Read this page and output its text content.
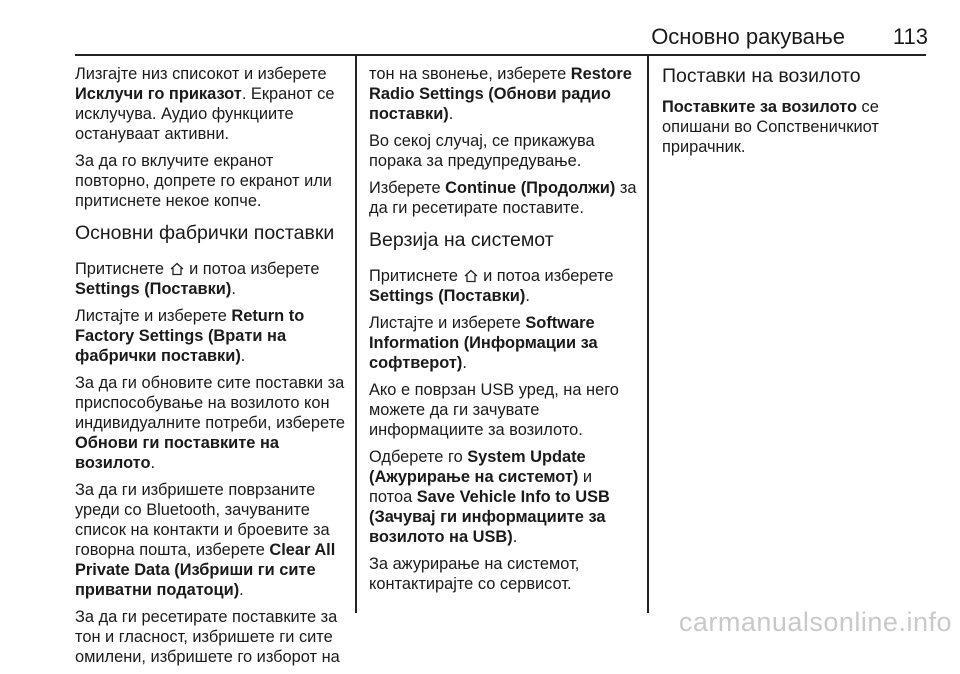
Основно ракување 113

Лизгајте низ списокот и изберете Исклучи го приказот. Екранот се исклучува. Аудио функциите остануваат активни.

За да го вклучите екранот повторно, допрете го екранот или притиснете некое копче.

Основни фабрички поставки

Притиснете  и потоа изберете Settings (Поставки).

Листајте и изберете Return to Factory Settings (Врати на фабрички поставки).

За да ги обновите сите поставки за приспособување на возилото кон индивидуалните потреби, изберете Обнови ги поставките на возилото.

За да ги избришете поврзаните уреди со Bluetooth, зачуваните список на контакти и броевите за говорна пошта, изберете Clear All Private Data (Избриши ги сите приватни податоци).

За да ги ресетирате поставките за тон и гласност, избришете ги сите омилени, избришете го изборот на

тон на ѕвонење, изберете Restore Radio Settings (Обнови радио поставки).

Во секој случај, се прикажува порака за предупредување.

Изберете Continue (Продолжи) за да ги ресетирате поставите.

Верзија на системот

Притиснете  и потоа изберете Settings (Поставки).

Листајте и изберете Software Information (Информации за софтверот).

Ако е поврзан USB уред, на него можете да ги зачувате информациите за возилото.

Одберете го System Update (Ажурирање на системот) и потоа Save Vehicle Info to USB (Зачувај ги информациите за возилото на USB).

За ажурирање на системот, контактирајте со сервисот.

Поставки на возилото

Поставките за возилото се опишани во Сопственичкиот прирачник.

carmanualsonline.info
